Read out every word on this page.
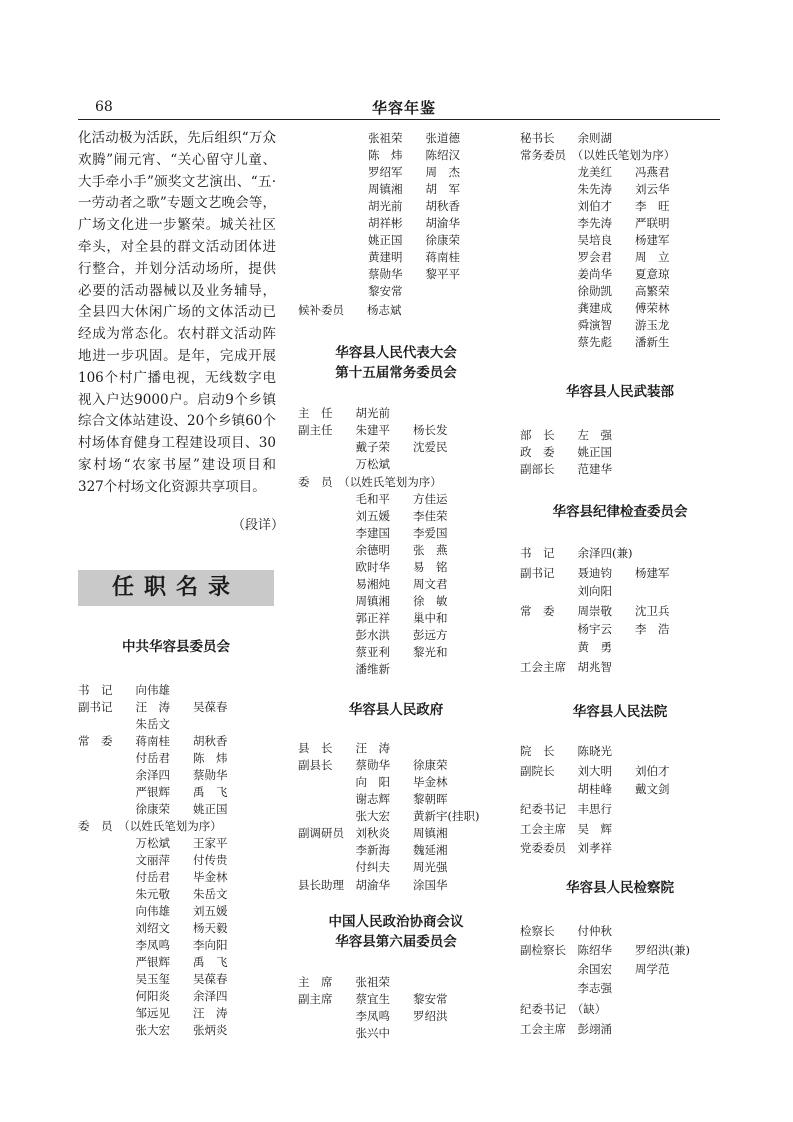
68	华容年鉴
化活动极为活跃，先后组织“万众欢腾”闹元宵、“关心留守儿童、大手牵小手”颁奖文艺演出、“五·一劳动者之歌”专题文艺晚会等，广场文化进一步繁荣。城关社区牵头，对全县的群文活动团体进行整合，并划分活动场所，提供必要的活动器械以及业务辅导，全县四大休闲广场的文体活动已经成为常态化。农村群文活动阵地进一步巩固。是年，完成开展106个村广播电视，无线数字电视入户达9000户。启动9个乡镇综合文体站建设、20个乡镇60个村场体育健身工程建设项目、30家村场“农家书屋”建设项目和327个村场文化资源共享项目。
（段详）
任职名录
中共华容县委员会
华容县人民代表大会
第十五届常务委员会
华容县人民政府
中国人民政治协商会议
华容县第六届委员会
华容县人民武装部
华容县纪律检查委员会
华容县人民法院
华容县人民检察院
书　记　　向伟雄
副书记　　汪　涛　　吴葆春
　　　　　朱岳文
常　委　　蒋南桂　　胡秋香
　　　　　付岳君　　陈　炜
　　　　　余泽四　　蔡勋华
　　　　　严银辉　　禹　飞
　　　　　徐康荣　　姚正国
委　员　（以姓氏笔划为序）
　　　　　万松斌　　王家平
　　　　　文丽萍　　付传贵
　　　　　付岳君　　毕金林
　　　　　朱元敬　　朱岳文
　　　　　向伟雄　　刘五媛
　　　　　刘绍文　　杨天毅
　　　　　李凤鸣　　李向阳
　　　　　严银辉　　禹　飞
　　　　　吴玉玺　　吴葆春
　　　　　何阳炎　　余泽四
　　　　　邹远见　　汪　涛
　　　　　张大宏　　张炳炎
张祖荣　　张道德
陈　炜　　陈绍汉
罗绍军　　周　杰
周镇湘　　胡　军
胡光前　　胡秋香
胡祥彬　　胡渝华
姚正国　　徐康荣
黄建明　　蒋南桂
蔡勋华　　黎平平
黎安常
候补委员　　杨志斌
主　任　　胡光前
副主任　　朱建平　　杨长发
　　　　　戴子荣　　沈爱民
　　　　　万松斌
委　员　（以姓氏笔划为序）
　　　　　毛和平　　方佳运
　　　　　刘五媛　　李佳荣
　　　　　李建国　　李爱国
　　　　　余德明　　张　燕
　　　　　欧时华　　易　铭
　　　　　易湘炖　　周文君
　　　　　周镇湘　　徐　敏
　　　　　郭正祥　　巢中和
　　　　　彭水洪　　彭远方
　　　　　蔡亚利　　黎光和
　　　　　潘维新
县　长　　汪　涛
副县长　　蔡勋华　　徐康荣
　　　　　向　阳　　毕金林
　　　　　谢志辉　　黎朝晖
　　　　　张大宏　　黄新宇(挂职)
副调研员　刘秋炎　　周镇湘
　　　　　李新海　　魏延湘
　　　　　付纠夫　　周光强
县长助理　胡渝华　　涂国华
主　席　　张祖荣
副主席　　蔡宜生　　黎安常
　　　　　李凤鸣　　罗绍洪
　　　　　张兴中
秘书长　　余则湖
常务委员　（以姓氏笔划为序）
　　　　　龙美红　　冯燕君
　　　　　朱先涛　　刘云华
　　　　　刘伯才　　李　旺
　　　　　李先涛　　严联明
　　　　　吴培良　　杨建军
　　　　　罗会君　　周　立
　　　　　姜尚华　　夏意琼
　　　　　徐勋凯　　高繁荣
　　　　　龚建成　　傅荣林
　　　　　舜演智　　游玉龙
　　　　　蔡先彪　　潘新生
部　长　　左　强
政　委　　姚正国
副部长　　范建华
书　记　　余泽四(兼)
副书记　　聂迪钧　　杨建军
　　　　　刘向阳
常　委　　周崇敬　　沈卫兵
　　　　　杨宇云　　李　浩
　　　　　黄　勇
工会主席　胡兆智
院　长　　陈晓光
副院长　　刘大明　　刘伯才
　　　　　胡桂峰　　戴文剑
纪委书记　丰思行
工会主席　吴　辉
党委委员　刘孝祥
检察长　　付仲秋
副检察长　陈绍华　　罗绍洪(兼)
　　　　　余国宏　　周学范
　　　　　李志强
纪委书记　（缺）
工会主席　彭翊涌
